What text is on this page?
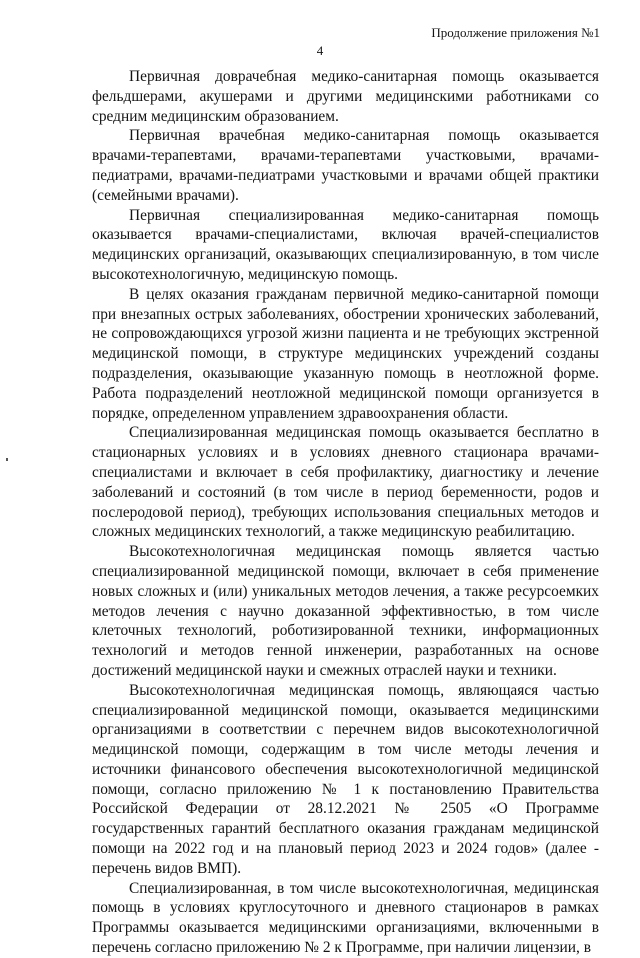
Продолжение приложения №1
4

Первичная доврачебная медико-санитарная помощь оказывается фельдшерами, акушерами и другими медицинскими работниками со средним медицинским образованием.

Первичная врачебная медико-санитарная помощь оказывается врачами-терапевтами, врачами-терапевтами участковыми, врачами-педиатрами, врачами-педиатрами участковыми и врачами общей практики (семейными врачами).

Первичная специализированная медико-санитарная помощь оказывается врачами-специалистами, включая врачей-специалистов медицинских организаций, оказывающих специализированную, в том числе высокотехнологичную, медицинскую помощь.

В целях оказания гражданам первичной медико-санитарной помощи при внезапных острых заболеваниях, обострении хронических заболеваний, не сопровождающихся угрозой жизни пациента и не требующих экстренной медицинской помощи, в структуре медицинских учреждений созданы подразделения, оказывающие указанную помощь в неотложной форме. Работа подразделений неотложной медицинской помощи организуется в порядке, определенном управлением здравоохранения области.

Специализированная медицинская помощь оказывается бесплатно в стационарных условиях и в условиях дневного стационара врачами-специалистами и включает в себя профилактику, диагностику и лечение заболеваний и состояний (в том числе в период беременности, родов и послеродовой период), требующих использования специальных методов и сложных медицинских технологий, а также медицинскую реабилитацию.

Высокотехнологичная медицинская помощь является частью специализированной медицинской помощи, включает в себя применение новых сложных и (или) уникальных методов лечения, а также ресурсоемких методов лечения с научно доказанной эффективностью, в том числе клеточных технологий, роботизированной техники, информационных технологий и методов генной инженерии, разработанных на основе достижений медицинской науки и смежных отраслей науки и техники.

Высокотехнологичная медицинская помощь, являющаяся частью специализированной медицинской помощи, оказывается медицинскими организациями в соответствии с перечнем видов высокотехнологичной медицинской помощи, содержащим в том числе методы лечения и источники финансового обеспечения высокотехнологичной медицинской помощи, согласно приложению № 1 к постановлению Правительства Российской Федерации от 28.12.2021 № 2505 «О Программе государственных гарантий бесплатного оказания гражданам медицинской помощи на 2022 год и на плановый период 2023 и 2024 годов» (далее - перечень видов ВМП).

Специализированная, в том числе высокотехнологичная, медицинская помощь в условиях круглосуточного и дневного стационаров в рамках Программы оказывается медицинскими организациями, включенными в перечень согласно приложению № 2 к Программе, при наличии лицензии, в
